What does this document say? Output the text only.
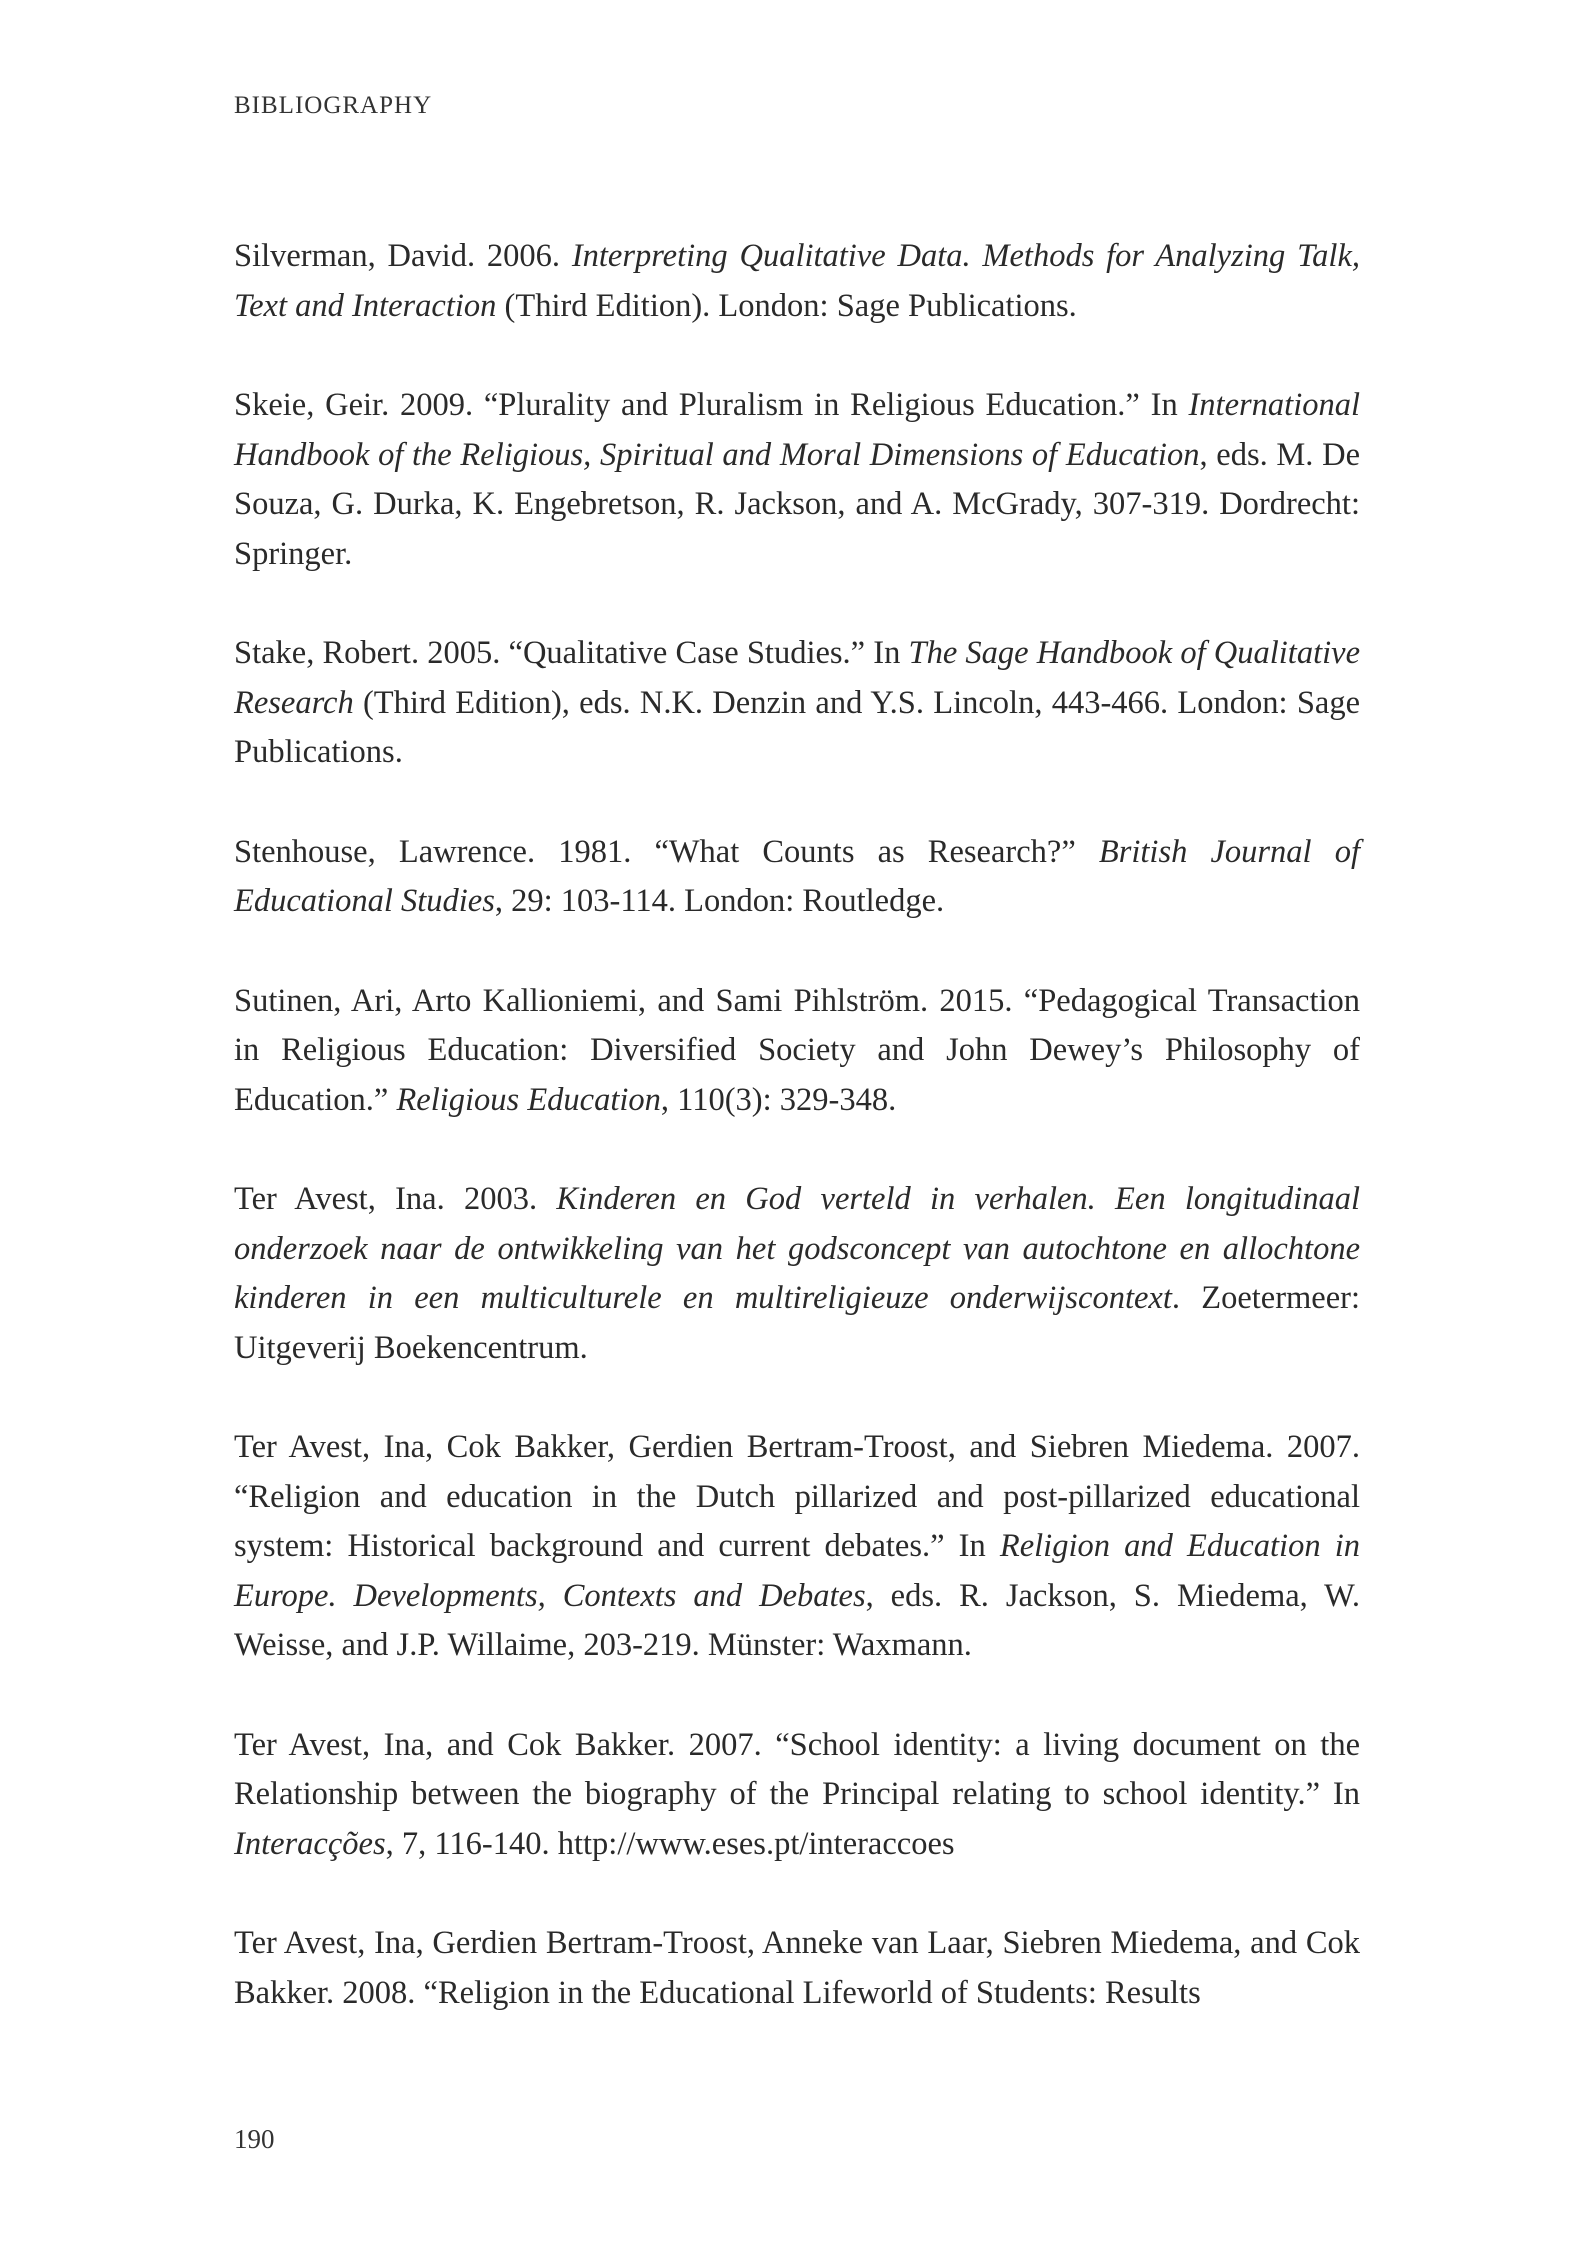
BIBLIOGRAPHY

Silverman, David. 2006. Interpreting Qualitative Data. Methods for Analyzing Talk, Text and Interaction (Third Edition). London: Sage Publications.

Skeie, Geir. 2009. “Plurality and Pluralism in Religious Education.” In International Handbook of the Religious, Spiritual and Moral Dimensions of Education, eds. M. De Souza, G. Durka, K. Engebretson, R. Jackson, and A. McGrady, 307-319. Dordrecht: Springer.

Stake, Robert. 2005. “Qualitative Case Studies.” In The Sage Handbook of Qualitative Research (Third Edition), eds. N.K. Denzin and Y.S. Lincoln, 443-466. London: Sage Publications.

Stenhouse, Lawrence. 1981. “What Counts as Research?” British Journal of Educational Studies, 29: 103-114. London: Routledge.

Sutinen, Ari, Arto Kallioniemi, and Sami Pihlström. 2015. “Pedagogical Transaction in Religious Education: Diversified Society and John Dewey’s Philosophy of Education.” Religious Education, 110(3): 329-348.

Ter Avest, Ina. 2003. Kinderen en God verteld in verhalen. Een longitudinaal onderzoek naar de ontwikkeling van het godsconcept van autochtone en allochtone kinderen in een multiculturele en multireligieuze onderwijscontext. Zoetermeer: Uitgeverij Boekencentrum.

Ter Avest, Ina, Cok Bakker, Gerdien Bertram-Troost, and Siebren Miedema. 2007. “Religion and education in the Dutch pillarized and post-pillarized educational system: Historical background and current debates.” In Religion and Education in Europe. Developments, Contexts and Debates, eds. R. Jackson, S. Miedema, W. Weisse, and J.P. Willaime, 203-219. Münster: Waxmann.

Ter Avest, Ina, and Cok Bakker. 2007. “School identity: a living document on the Relationship between the biography of the Principal relating to school identity.” In Interacções, 7, 116-140. http://www.eses.pt/interaccoes

Ter Avest, Ina, Gerdien Bertram-Troost, Anneke van Laar, Siebren Miedema, and Cok Bakker. 2008. “Religion in the Educational Lifeworld of Students: Results

190
